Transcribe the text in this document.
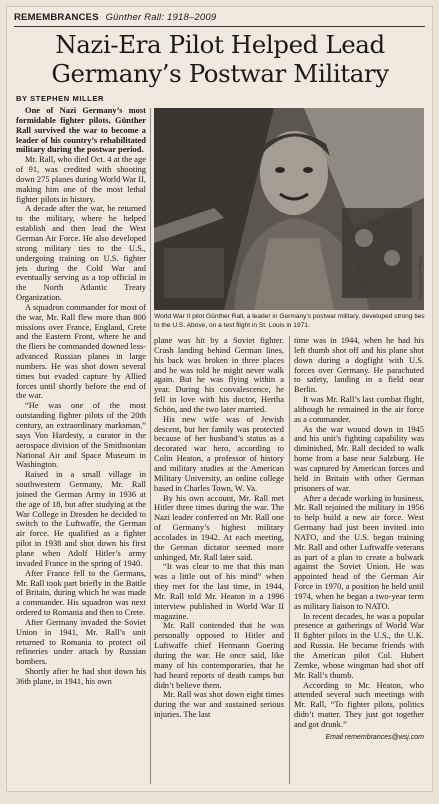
REMEMBRANCES Günther Rall: 1918–2009
Nazi-Era Pilot Helped Lead
Germany’s Postwar Military
BY STEPHEN MILLER
ASSOCIATED PRESS
World War II pilot Günther Rall, a leader in Germany’s postwar military, developed strong ties to the U.S. Above, on a test flight in St. Louis in 1971.

One of Nazi Germany’s most formidable fighter pilots, Günther Rall survived the war to become a leader of his country’s rehabilitated military during the postwar period.

Mr. Rall, who died Oct. 4 at the age of 91, was credited with shooting down 275 planes during World War II, making him one of the most lethal fighter pilots in history.

A decade after the war, he returned to the military, where he helped establish and then lead the West German Air Force. He also developed strong military ties to the U.S., undergoing training on U.S. fighter jets during the Cold War and eventually serving as a top official in the North Atlantic Treaty Organization.

A squadron commander for most of the war, Mr. Rall flew more than 800 missions over France, England, Crete and the Eastern Front, where he and the fliers he commanded downed less-advanced Russian planes in large numbers. He was shot down several times but evaded capture by Allied forces until shortly before the end of the war.

“He was one of the most outstanding fighter pilots of the 20th century, an extraordinary marksman,” says Von Hardesty, a curator in the aerospace division of the Smithsonian National Air and Space Museum in Washington.

Raised in a small village in southwestern Germany, Mr. Rall joined the German Army in 1936 at the age of 18, but after studying at the War College in Dresden he decided to switch to the Luftwaffe, the German air force. He qualified as a fighter pilot in 1938 and shot down his first plane when Adolf Hitler’s army invaded France in the spring of 1940.

After France fell to the Germans, Mr. Rall took part briefly in the Battle of Britain, during which he was made a commander. His squadron was next ordered to Romania and then to Crete.

After Germany invaded the Soviet Union in 1941, Mr. Rall’s unit returned to Romania to protect oil refineries under attack by Russian bombers.

Shortly after he had shot down his 36th plane, in 1941, his own

plane was hit by a Soviet fighter. Crash landing behind German lines, his back was broken in three places and he was told he might never walk again. But he was flying within a year. During his convalescence, he fell in love with his doctor, Hertha Schön, and the two later married.

His new wife was of Jewish descent, but her family was protected because of her husband’s status as a decorated war hero, according to Colin Heaton, a professor of history and military studies at the American Military University, an online college based in Charles Town, W. Va.

By his own account, Mr. Rall met Hitler three times during the war. The Nazi leader conferred on Mr. Rall one of Germany’s highest military accolades in 1942. At each meeting, the German dictator seemed more unhinged, Mr. Rall later said.

“It was clear to me that this man was a little out of his mind” when they met for the last time, in 1944, Mr. Rall told Mr. Heaton in a 1996 interview published in World War II magazine.

Mr. Rall contended that he was personally opposed to Hitler and Luftwaffe chief Hermann Goering during the war. He once said, like many of his contemporaries, that he had heard reports of death camps but didn’t believe them.

Mr. Rall was shot down eight times during the war and sustained serious injuries. The last

time was in 1944, when he had his left thumb shot off and his plane shot down during a dogfight with U.S. forces over Germany. He parachuted to safety, landing in a field near Berlin.

It was Mr. Rall’s last combat flight, although he remained in the air force as a commander.

As the war wound down in 1945 and his unit’s fighting capability was diminished, Mr. Rall decided to walk home from a base near Salzburg. He was captured by American forces and held in Britain with other German prisoners of war.

After a decade working in business, Mr. Rall rejoined the military in 1956 to help build a new air force. West Germany had just been invited into NATO, and the U.S. began training Mr. Rall and other Luftwaffe veterans as part of a plan to create a bulwark against the Soviet Union. He was appointed head of the German Air Force in 1970, a position he held until 1974, when he began a two-year term as military liaison to NATO.

In recent decades, he was a popular presence at gatherings of World War II fighter pilots in the U.S., the U.K. and Russia. He became friends with the American pilot Col. Hubert Zemke, whose wingman had shot off Mr. Rall’s thumb.

According to Mr. Heaton, who attended several such meetings with Mr. Rall, “To fighter pilots, politics didn’t matter. They just got together and got drunk.”

Email remembrances@wsj.com
